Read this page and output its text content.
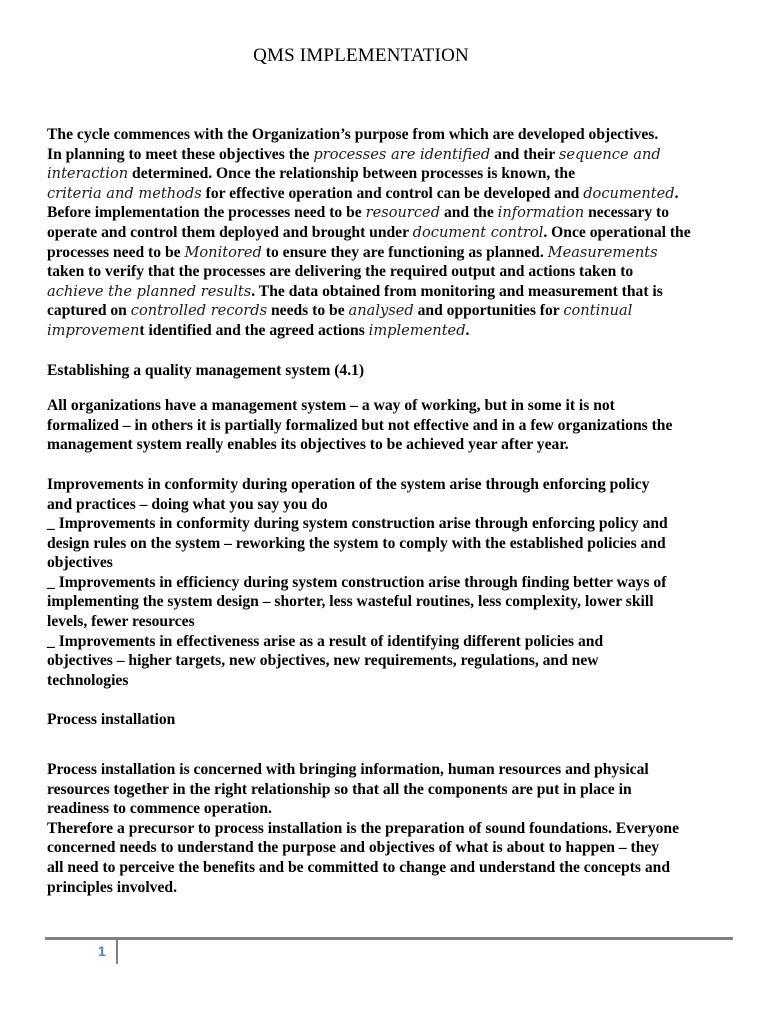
QMS IMPLEMENTATION
The cycle commences with the Organization’s purpose from which are developed objectives.
In planning to meet these objectives the processes are identified and their sequence and
interaction determined. Once the relationship between processes is known, the
criteria and methods for effective operation and control can be developed and documented.
Before implementation the processes need to be resourced and the information necessary to
operate and control them deployed and brought under document control. Once operational the
processes need to be Monitored to ensure they are functioning as planned. Measurements
taken to verify that the processes are delivering the required output and actions taken to
achieve the planned results. The data obtained from monitoring and measurement that is
captured on controlled records needs to be analysed and opportunities for continual
improvement identified and the agreed actions implemented.
Establishing a quality management system (4.1)
All organizations have a management system – a way of working, but in some it is not
formalized – in others it is partially formalized but not effective and in a few organizations the
management system really enables its objectives to be achieved year after year.
Improvements in conformity during operation of the system arise through enforcing policy
and practices – doing what you say you do
_ Improvements in conformity during system construction arise through enforcing policy and
design rules on the system – reworking the system to comply with the established policies and
objectives
_ Improvements in efficiency during system construction arise through finding better ways of
implementing the system design – shorter, less wasteful routines, less complexity, lower skill
levels, fewer resources
_ Improvements in effectiveness arise as a result of identifying different policies and
objectives – higher targets, new objectives, new requirements, regulations, and new
technologies
Process installation
Process installation is concerned with bringing information, human resources and physical
resources together in the right relationship so that all the components are put in place in
readiness to commence operation.
Therefore a precursor to process installation is the preparation of sound foundations. Everyone
concerned needs to understand the purpose and objectives of what is about to happen – they
all need to perceive the benefits and be committed to change and understand the concepts and
principles involved.
1
